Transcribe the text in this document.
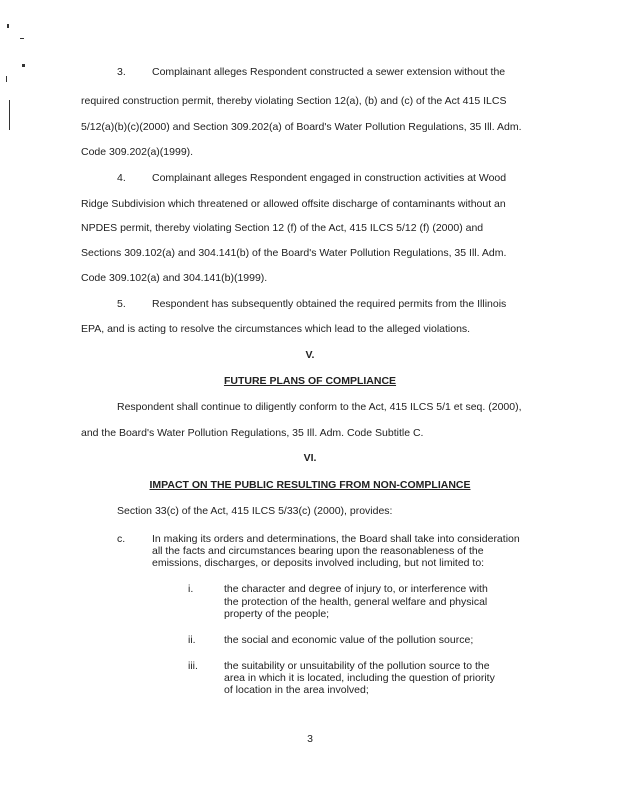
3. Complainant alleges Respondent constructed a sewer extension without the
required construction permit, thereby violating Section 12(a), (b) and (c) of the Act 415 ILCS
5/12(a)(b)(c)(2000) and Section 309.202(a) of Board's Water Pollution Regulations, 35 Ill. Adm.
Code 309.202(a)(1999).
4. Complainant alleges Respondent engaged in construction activities at Wood
Ridge Subdivision which threatened or allowed offsite discharge of contaminants without an
NPDES permit, thereby violating Section 12 (f) of the Act, 415 ILCS 5/12 (f) (2000) and
Sections 309.102(a) and 304.141(b) of the Board's Water Pollution Regulations, 35 Ill. Adm.
Code 309.102(a) and 304.141(b)(1999).
5. Respondent has subsequently obtained the required permits from the Illinois
EPA, and is acting to resolve the circumstances which lead to the alleged violations.
V.
FUTURE PLANS OF COMPLIANCE
Respondent shall continue to diligently conform to the Act, 415 ILCS 5/1 et seq. (2000),
and the Board's Water Pollution Regulations, 35 Ill. Adm. Code Subtitle C.
VI.
IMPACT ON THE PUBLIC RESULTING FROM NON-COMPLIANCE
Section 33(c) of the Act, 415 ILCS 5/33(c) (2000), provides:
c.	In making its orders and determinations, the Board shall take into consideration
all the facts and circumstances bearing upon the reasonableness of the
emissions, discharges, or deposits involved including, but not limited to:
i.	the character and degree of injury to, or interference with
the protection of the health, general welfare and physical
property of the people;
ii.	the social and economic value of the pollution source;
iii. the suitability or unsuitability of the pollution source to the
area in which it is located, including the question of priority
of location in the area involved;
3
